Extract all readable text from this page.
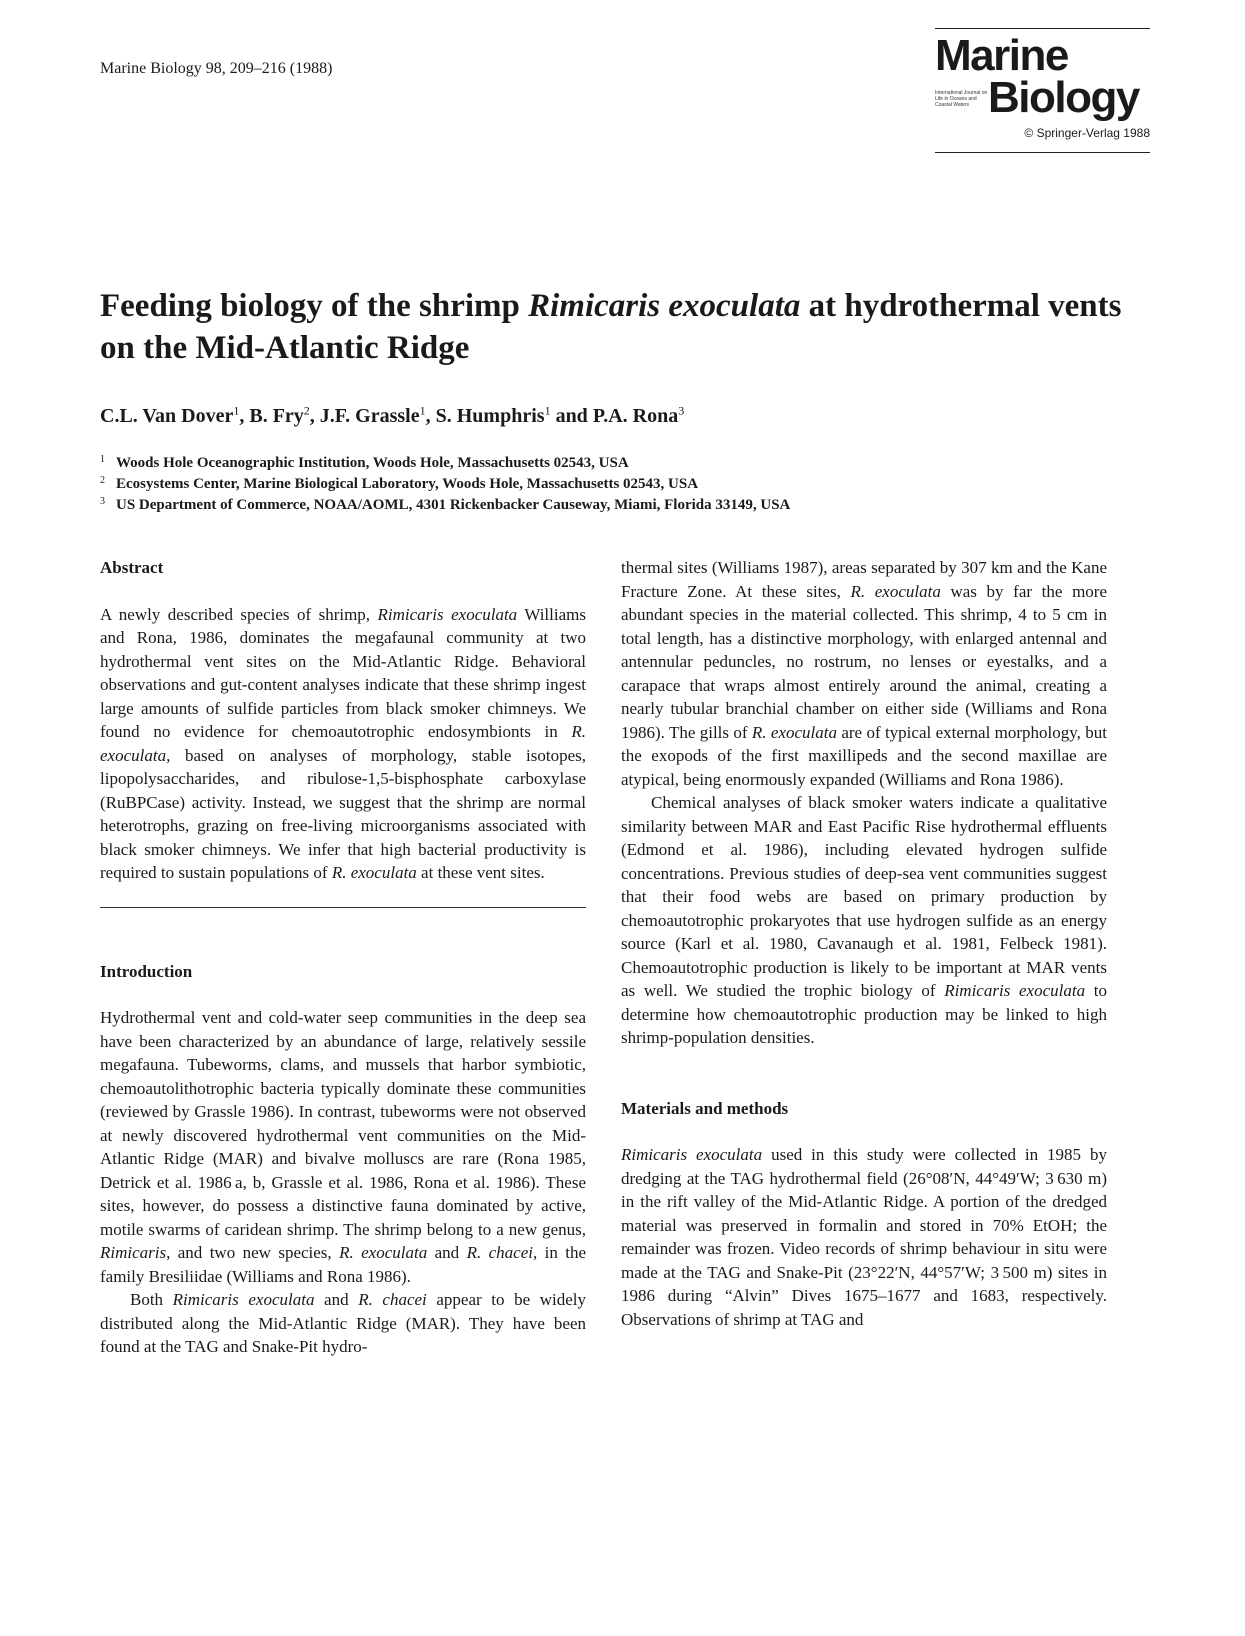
Marine Biology 98, 209–216 (1988)	Marine
International Journal on Life in Oceans and Coastal Waters Biology
© Springer-Verlag 1988
Feeding biology of the shrimp Rimicaris exoculata at hydrothermal vents on the Mid-Atlantic Ridge
C.L. Van Dover$^1$, B. Fry$^2$, J.F. Grassle$^1$, S. Humphris$^1$ and P.A. Rona$^3$
1 Woods Hole Oceanographic Institution, Woods Hole, Massachusetts 02543, USA
2 Ecosystems Center, Marine Biological Laboratory, Woods Hole, Massachusetts 02543, USA
3 US Department of Commerce, NOAA/AOML, 4301 Rickenbacker Causeway, Miami, Florida 33149, USA
Abstract

A newly described species of shrimp, Rimicaris exoculata Williams and Rona, 1986, dominates the megafaunal community at two hydrothermal vent sites on the Mid-Atlantic Ridge. Behavioral observations and gut-content analyses indicate that these shrimp ingest large amounts of sulfide particles from black smoker chimneys. We found no evidence for chemoautotrophic endosymbionts in R. exoculata, based on analyses of morphology, stable isotopes, lipopolysaccharides, and ribulose-1,5-bisphosphate carboxylase (RuBPCase) activity. Instead, we suggest that the shrimp are normal heterotrophs, grazing on free-living microorganisms associated with black smoker chimneys. We infer that high bacterial productivity is required to sustain populations of R. exoculata at these vent sites.

Introduction

Hydrothermal vent and cold-water seep communities in the deep sea have been characterized by an abundance of large, relatively sessile megafauna. Tubeworms, clams, and mussels that harbor symbiotic, chemoautolithotrophic bacteria typically dominate these communities (reviewed by Grassle 1986). In contrast, tubeworms were not observed at newly discovered hydrothermal vent communities on the Mid-Atlantic Ridge (MAR) and bivalve molluscs are rare (Rona 1985, Detrick et al. 1986 a, b, Grassle et al. 1986, Rona et al. 1986). These sites, however, do possess a distinctive fauna dominated by active, motile swarms of caridean shrimp. The shrimp belong to a new genus, Rimicaris, and two new species, R. exoculata and R. chacei, in the family Bresiliidae (Williams and Rona 1986).

Both Rimicaris exoculata and R. chacei appear to be widely distributed along the Mid-Atlantic Ridge (MAR). They have been found at the TAG and Snake-Pit hydro-

thermal sites (Williams 1987), areas separated by 307 km and the Kane Fracture Zone. At these sites, R. exoculata was by far the more abundant species in the material collected. This shrimp, 4 to 5 cm in total length, has a distinctive morphology, with enlarged antennal and antennular peduncles, no rostrum, no lenses or eyestalks, and a carapace that wraps almost entirely around the animal, creating a nearly tubular branchial chamber on either side (Williams and Rona 1986). The gills of R. exoculata are of typical external morphology, but the exopods of the first maxillipeds and the second maxillae are atypical, being enormously expanded (Williams and Rona 1986).

Chemical analyses of black smoker waters indicate a qualitative similarity between MAR and East Pacific Rise hydrothermal effluents (Edmond et al. 1986), including elevated hydrogen sulfide concentrations. Previous studies of deep-sea vent communities suggest that their food webs are based on primary production by chemoautotrophic prokaryotes that use hydrogen sulfide as an energy source (Karl et al. 1980, Cavanaugh et al. 1981, Felbeck 1981). Chemoautotrophic production is likely to be important at MAR vents as well. We studied the trophic biology of Rimicaris exoculata to determine how chemoautotrophic production may be linked to high shrimp-population densities.

Materials and methods

Rimicaris exoculata used in this study were collected in 1985 by dredging at the TAG hydrothermal field (26°08′N, 44°49′W; 3 630 m) in the rift valley of the Mid-Atlantic Ridge. A portion of the dredged material was preserved in formalin and stored in 70% EtOH; the remainder was frozen. Video records of shrimp behaviour in situ were made at the TAG and Snake-Pit (23°22′N, 44°57′W; 3 500 m) sites in 1986 during “Alvin” Dives 1675–1677 and 1683, respectively. Observations of shrimp at TAG and
